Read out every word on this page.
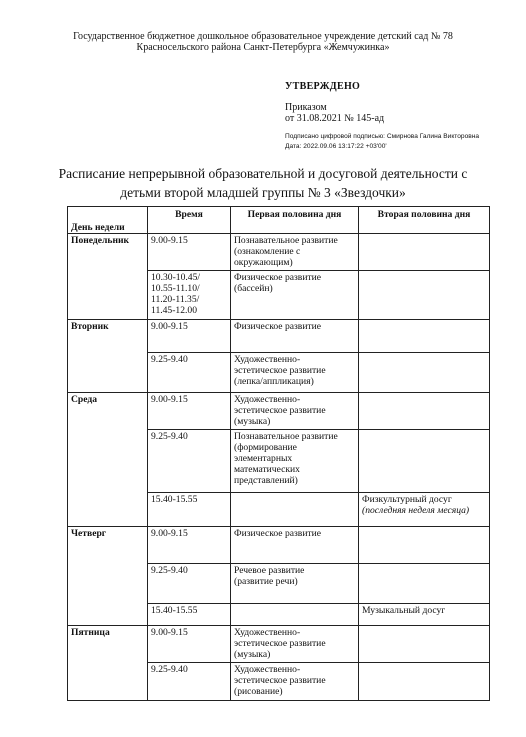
Государственное бюджетное дошкольное образовательное учреждение детский сад № 78
Красносельского района Санкт-Петербурга «Жемчужинка»
УТВЕРЖДЕНО
Приказом
от 31.08.2021 № 145-ад
Подписано цифровой подписью: Смирнова Галина Викторовна
Дата: 2022.09.06 13:17:22 +03'00'
Расписание непрерывной образовательной и досуговой деятельности с
детьми второй младшей группы № 3 «Звездочки»
День недели	Время	Первая половина дня	Вторая половина дня
Понедельник	9.00-9.15	Познавательное развитие
(ознакомление с
окружающим)	

	10.30-10.45/
10.55-11.10/
11.20-11.35/
11.45-12.00	Физическое развитие
(бассейн)	

Вторник	9.00-9.15	Физическое развитие	

	9.25-9.40	Художественно-
эстетическое развитие
(лепка/аппликация)	

Среда	9.00-9.15	Художественно-
эстетическое развитие
(музыка)	

	9.25-9.40	Познавательное развитие
(формирование
элементарных
математических
представлений)	

	15.40-15.55		Физкультурный досуг
(последняя неделя месяца)

Четверг	9.00-9.15	Физическое развитие	

	9.25-9.40	Речевое развитие
(развитие речи)	

	15.40-15.55		Музыкальный досуг

Пятница	9.00-9.15	Художественно-
эстетическое развитие
(музыка)	

	9.25-9.40	Художественно-
эстетическое развитие
(рисование)	
